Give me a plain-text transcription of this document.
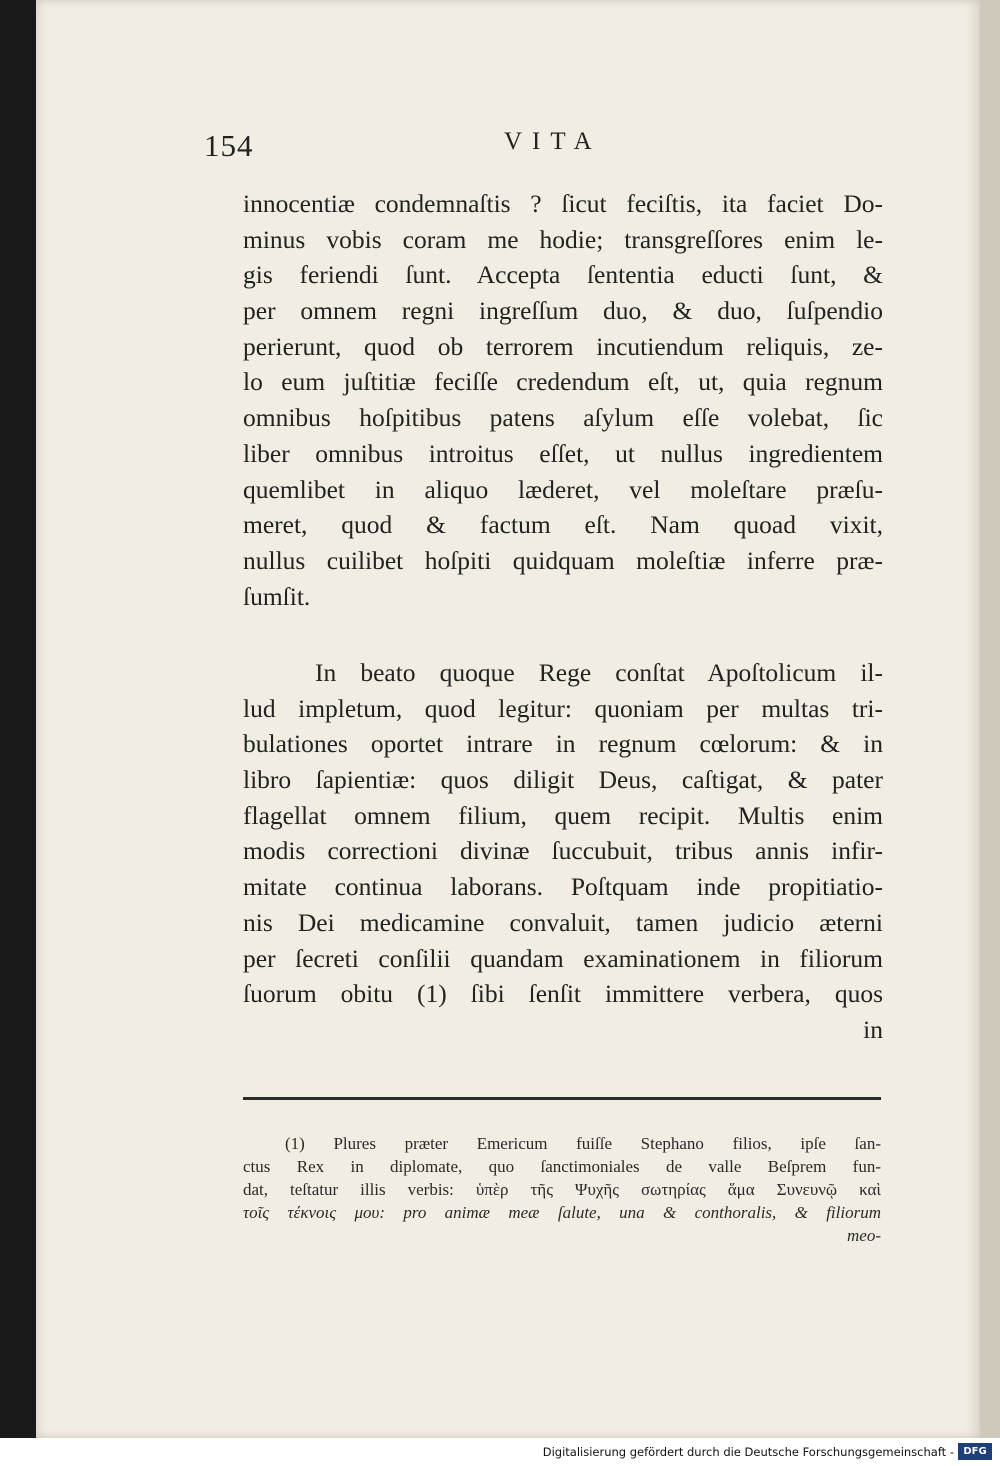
154	VITA
innocentiæ condemnaſtis ? ſicut feciſtis, ita faciet Do-
minus vobis coram me hodie; transgreſſores enim le-
gis feriendi ſunt. Accepta ſententia educti ſunt, &
per omnem regni ingreſſum duo, & duo, ſuſpendio
perierunt, quod ob terrorem incutiendum reliquis, ze-
lo eum juſtitiæ feciſſe credendum eſt, ut, quia regnum
omnibus hoſpitibus patens aſylum eſſe volebat, ſic
liber omnibus introitus eſſet, ut nullus ingredientem
quemlibet in aliquo læderet, vel moleſtare præſu-
meret, quod & factum eſt. Nam quoad vixit,
nullus cuilibet hoſpiti quidquam moleſtiæ inferre præ-
ſumſit.
In beato quoque Rege conſtat Apoſtolicum il-
lud impletum, quod legitur: quoniam per multas tri-
bulationes oportet intrare in regnum cœlorum: & in
libro ſapientiæ: quos diligit Deus, caſtigat, & pater
flagellat omnem filium, quem recipit. Multis enim
modis correctioni divinæ ſuccubuit, tribus annis infir-
mitate continua laborans. Poſtquam inde propitiatio-
nis Dei medicamine convaluit, tamen judicio æterni
per ſecreti conſilii quandam examinationem in filiorum
ſuorum obitu (1) ſibi ſenſit immittere verbera, quos
in
(1) Plures præter Emericum fuiſſe Stephano filios, ipſe ſan-
ctus Rex in diplomate, quo ſanctimoniales de valle Beſprem fun-
dat, teſtatur illis verbis: ὑπὲρ τῆς Ψυχῆς σωτηρίας ἅμα Συνευνῷ καὶ
τοῖς τέκνοις μου: pro animæ meæ ſalute, una & conthoralis, & filiorum
meo-
Digitalisierung gefördert durch die Deutsche Forschungsgemeinschaft - DFG
